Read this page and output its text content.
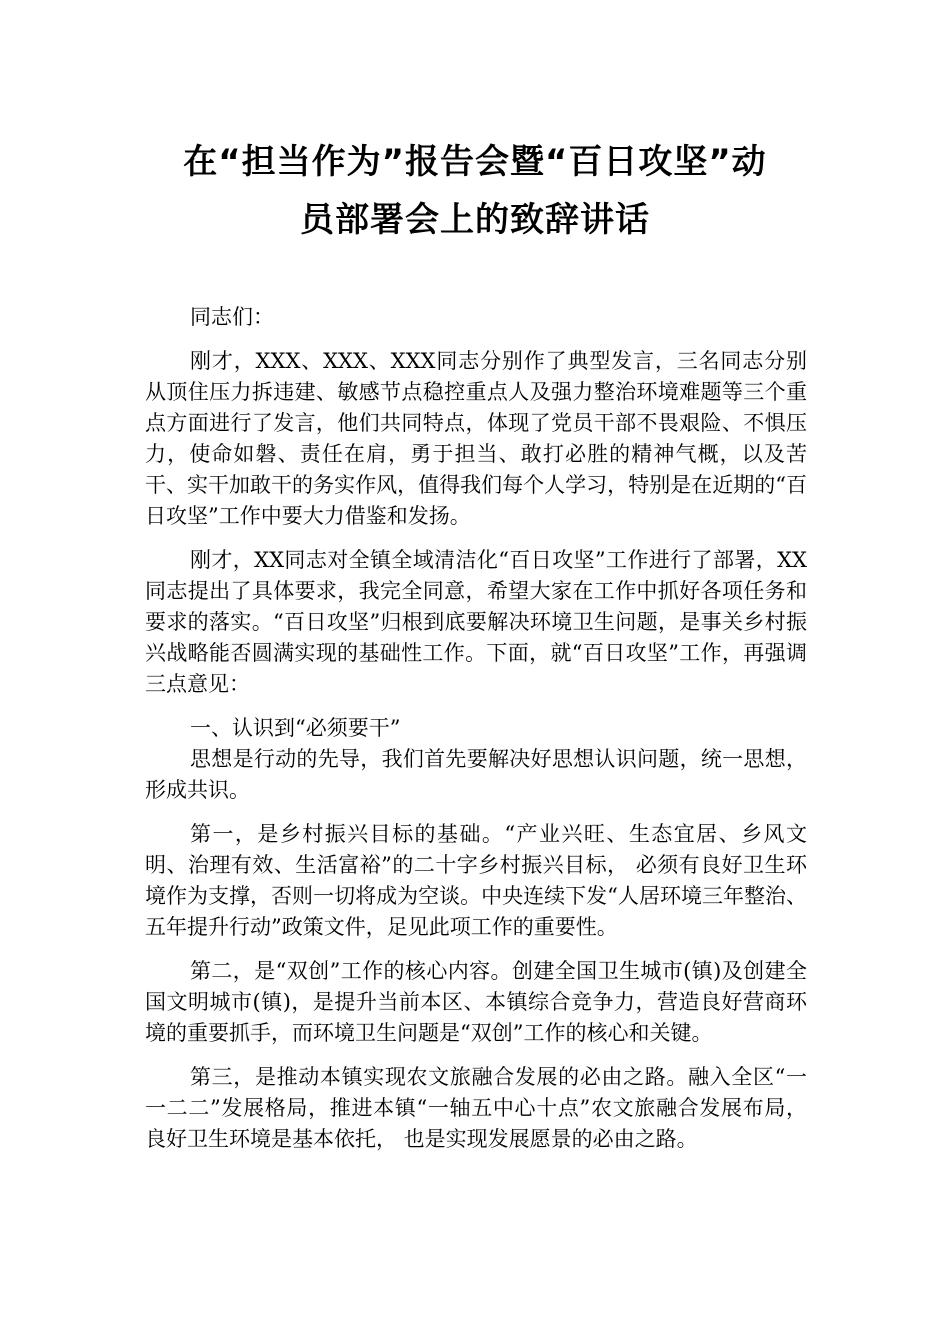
在“担当作为”报告会暨“百日攻坚”动
员部署会上的致辞讲话

同志们：

刚才，XXX、XXX、XXX同志分别作了典型发言，三名同志分别从顶住压力拆违建、敏感节点稳控重点人及强力整治环境难题等三个重点方面进行了发言，他们共同特点，体现了党员干部不畏艰险、不惧压力，使命如磐、责任在肩，勇于担当、敢打必胜的精神气概，以及苦干、实干加敢干的务实作风，值得我们每个人学习，特别是在近期的“百日攻坚”工作中要大力借鉴和发扬。

刚才，XX同志对全镇全域清洁化“百日攻坚”工作进行了部署，XX同志提出了具体要求，我完全同意，希望大家在工作中抓好各项任务和要求的落实。“百日攻坚”归根到底要解决环境卫生问题，是事关乡村振兴战略能否圆满实现的基础性工作。下面，就“百日攻坚”工作，再强调三点意见：

一、认识到“必须要干”

思想是行动的先导，我们首先要解决好思想认识问题，统一思想，形成共识。

第一，是乡村振兴目标的基础。“产业兴旺、生态宜居、乡风文明、治理有效、生活富裕”的二十字乡村振兴目标， 必须有良好卫生环境作为支撑，否则一切将成为空谈。中央连续下发“人居环境三年整治、五年提升行动”政策文件，足见此项工作的重要性。

第二，是“双创”工作的核心内容。创建全国卫生城市(镇)及创建全国文明城市(镇)，是提升当前本区、本镇综合竞争力，营造良好营商环境的重要抓手，而环境卫生问题是“双创”工作的核心和关键。

第三，是推动本镇实现农文旅融合发展的必由之路。融入全区“一一二二”发展格局，推进本镇“一轴五中心十点”农文旅融合发展布局，良好卫生环境是基本依托， 也是实现发展愿景的必由之路。
